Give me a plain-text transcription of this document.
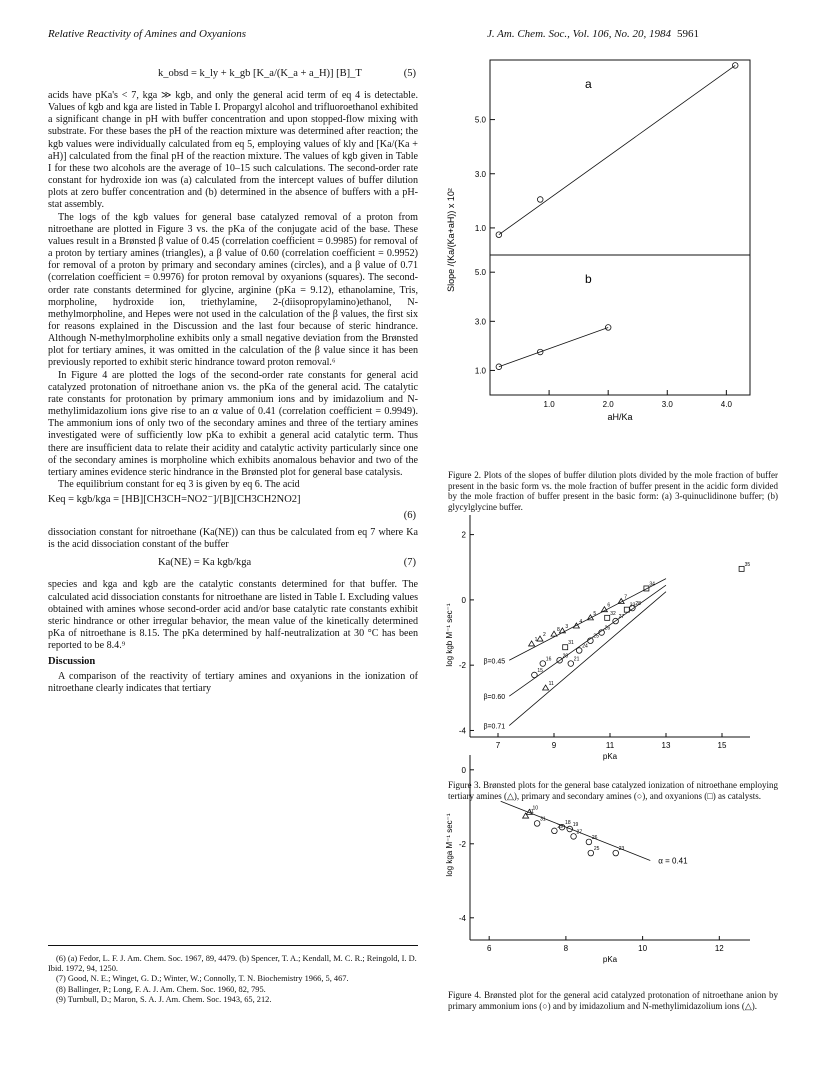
Relative Reactivity of Amines and Oxyanions	J. Am. Chem. Soc., Vol. 106, No. 20, 1984 5961
k_obsd = k_ly + k_gb [K_a/(K_a + a_H)] [B]_T	(5)

acids have pKa's < 7, kga ≫ kgb, and only the general acid term of eq 4 is detectable. Values of kgb and kga are listed in Table I. Propargyl alcohol and trifluoroethanol exhibited a significant change in pH with buffer concentration and upon stopped-flow mixing with substrate. For these bases the pH of the reaction mixture was determined after reaction; the kgb values were individually calculated from eq 5, employing values of kly and [Ka/(Ka + aH)] calculated from the final pH of the reaction mixture. The values of kgb given in Table I for these two alcohols are the average of 10–15 such calculations. The second-order rate constant for hydroxide ion was (a) calculated from the intercept values of buffer dilution plots at zero buffer concentration and (b) determined in the absence of buffers with a pH-stat assembly.

The logs of the kgb values for general base catalyzed removal of a proton from nitroethane are plotted in Figure 3 vs. the pKa of the conjugate acid of the base. These values result in a Brønsted β value of 0.45 (correlation coefficient = 0.9985) for removal of a proton by tertiary amines (triangles), a β value of 0.60 (correlation coefficient = 0.9952) for removal of a proton by primary and secondary amines (circles), and a β value of 0.71 (correlation coefficient = 0.9976) for proton removal by oxyanions (squares). The second-order rate constants determined for glycine, arginine (pKa = 9.12), ethanolamine, Tris, morpholine, hydroxide ion, triethylamine, 2-(diisopropylamino)ethanol, N-methylmorpholine, and Hepes were not used in the calculation of the β values, the first six for reasons explained in the Discussion and the last four because of steric hindrance. Although N-methylmorpholine exhibits only a small negative deviation from the Brønsted plot for tertiary amines, it was omitted in the calculation of the β value since it has been previously reported to exhibit steric hindrance toward proton removal.⁶

In Figure 4 are plotted the logs of the second-order rate constants for general acid catalyzed protonation of nitroethane anion vs. the pKa of the general acid. The catalytic rate constants for protonation by primary ammonium ions and by imidazolium and N-methylimidazolium ions give rise to an α value of 0.41 (correlation coefficient = 0.9949). The ammonium ions of only two of the secondary amines and three of the tertiary amines investigated were of sufficiently low pKa to exhibit a general acid catalytic term. Thus there are insufficient data to relate their acidity and catalytic activity particularly since one of the secondary amines is morpholine which exhibits anomalous behavior and two of the tertiary amines evidence steric hindrance in the Brønsted plot for general base catalysis.

The equilibrium constant for eq 3 is given by eq 6. The acid

Keq = kgb/kga = [HB][CH3CH=NO2⁻]/[B][CH3CH2NO2]
(6)

dissociation constant for nitroethane (Ka(NE)) can thus be calculated from eq 7 where Ka is the acid dissociation constant of the buffer

Ka(NE) = Ka kgb/kga	(7)

species and kga and kgb are the catalytic constants determined for that buffer. The calculated acid dissociation constants for nitroethane are listed in Table I. Excluding values obtained with amines whose second-order acid and/or base catalytic rate constants exhibit steric hindrance or other irregular behavior, the mean value of the kinetically determined pKa of nitroethane is 8.15. The pKa determined by half-neutralization at 30 °C has been reported to be 8.4.⁹

Discussion

A comparison of the reactivity of tertiary amines and oxyanions in the ionization of nitroethane clearly indicates that tertiary

(6) (a) Fedor, L. F. J. Am. Chem. Soc. 1967, 89, 4479. (b) Spencer, T. A.; Kendall, M. C. R.; Reingold, I. D. Ibid. 1972, 94, 1250.
(7) Good, N. E.; Winget, G. D.; Winter, W.; Connolly, T. N. Biochemistry 1966, 5, 467.
(8) Ballinger, P.; Long, F. A. J. Am. Chem. Soc. 1960, 82, 795.
(9) Turnbull, D.; Maron, S. A. J. Am. Chem. Soc. 1943, 65, 212.
1.0
3.0
5.0
a
1.0
3.0
5.0	b
1.0	2.0	3.0	4.0
aH/Ka
Slope /(Ka/(Ka+aH)) x 10²
Figure 2. Plots of the slopes of buffer dilution plots divided by the mole fraction of buffer present in the basic form vs. the mole fraction of buffer present in the acidic form divided by the mole fraction of buffer present in the basic form: (a) 3-quinuclidinone buffer; (b) glycylglycine buffer.
2
0
-2
-4
7	9	11	13	15
pKa
log kgb M⁻¹ sec⁻¹	β=0.45
β=0.60
β=0.71
1
2
3
4
5
6
7
8
11
20
21
24
25
26
27
28
15
16
31
32
33
34
35
Figure 3. Brønsted plots for the general base catalyzed ionization of nitroethane employing tertiary amines (△), primary and secondary amines (○), and oxyanions (□) as catalysts.
0
-2
-4
6	8	10	12
pKa
log kga M⁻¹ sec⁻¹	α = 0.41
11
10
31
29
18 19
27
26
25	23
Figure 4. Brønsted plot for the general acid catalyzed protonation of nitroethane anion by primary ammonium ions (○) and by imidazolium and N-methylimidazolium ions (△).
